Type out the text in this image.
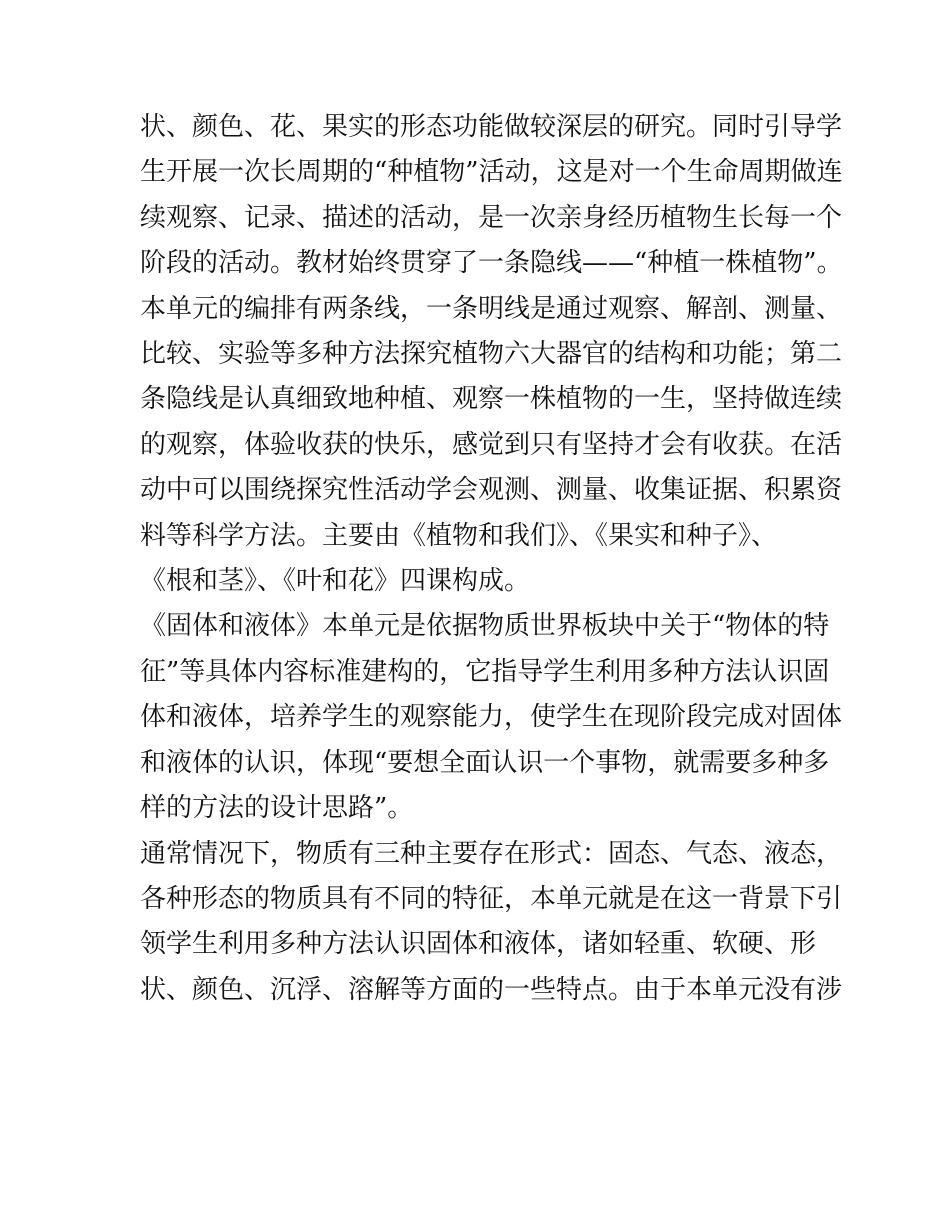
状、颜色、花、果实的形态功能做较深层的研究。同时引导学
生开展一次长周期的“种植物”活动，这是对一个生命周期做连
续观察、记录、描述的活动，是一次亲身经历植物生长每一个
阶段的活动。教材始终贯穿了一条隐线——“种植一株植物”。
本单元的编排有两条线，一条明线是通过观察、解剖、测量、
比较、实验等多种方法探究植物六大器官的结构和功能；第二
条隐线是认真细致地种植、观察一株植物的一生，坚持做连续
的观察，体验收获的快乐，感觉到只有坚持才会有收获。在活
动中可以围绕探究性活动学会观测、测量、收集证据、积累资
料等科学方法。主要由《植物和我们》、《果实和种子》、
《根和茎》、《叶和花》四课构成。
《固体和液体》本单元是依据物质世界板块中关于“物体的特
征”等具体内容标准建构的，它指导学生利用多种方法认识固
体和液体，培养学生的观察能力，使学生在现阶段完成对固体
和液体的认识，体现“要想全面认识一个事物，就需要多种多
样的方法的设计思路”。
通常情况下，物质有三种主要存在形式：固态、气态、液态，
各种形态的物质具有不同的特征，本单元就是在这一背景下引
领学生利用多种方法认识固体和液体，诸如轻重、软硬、形
状、颜色、沉浮、溶解等方面的一些特点。由于本单元没有涉
